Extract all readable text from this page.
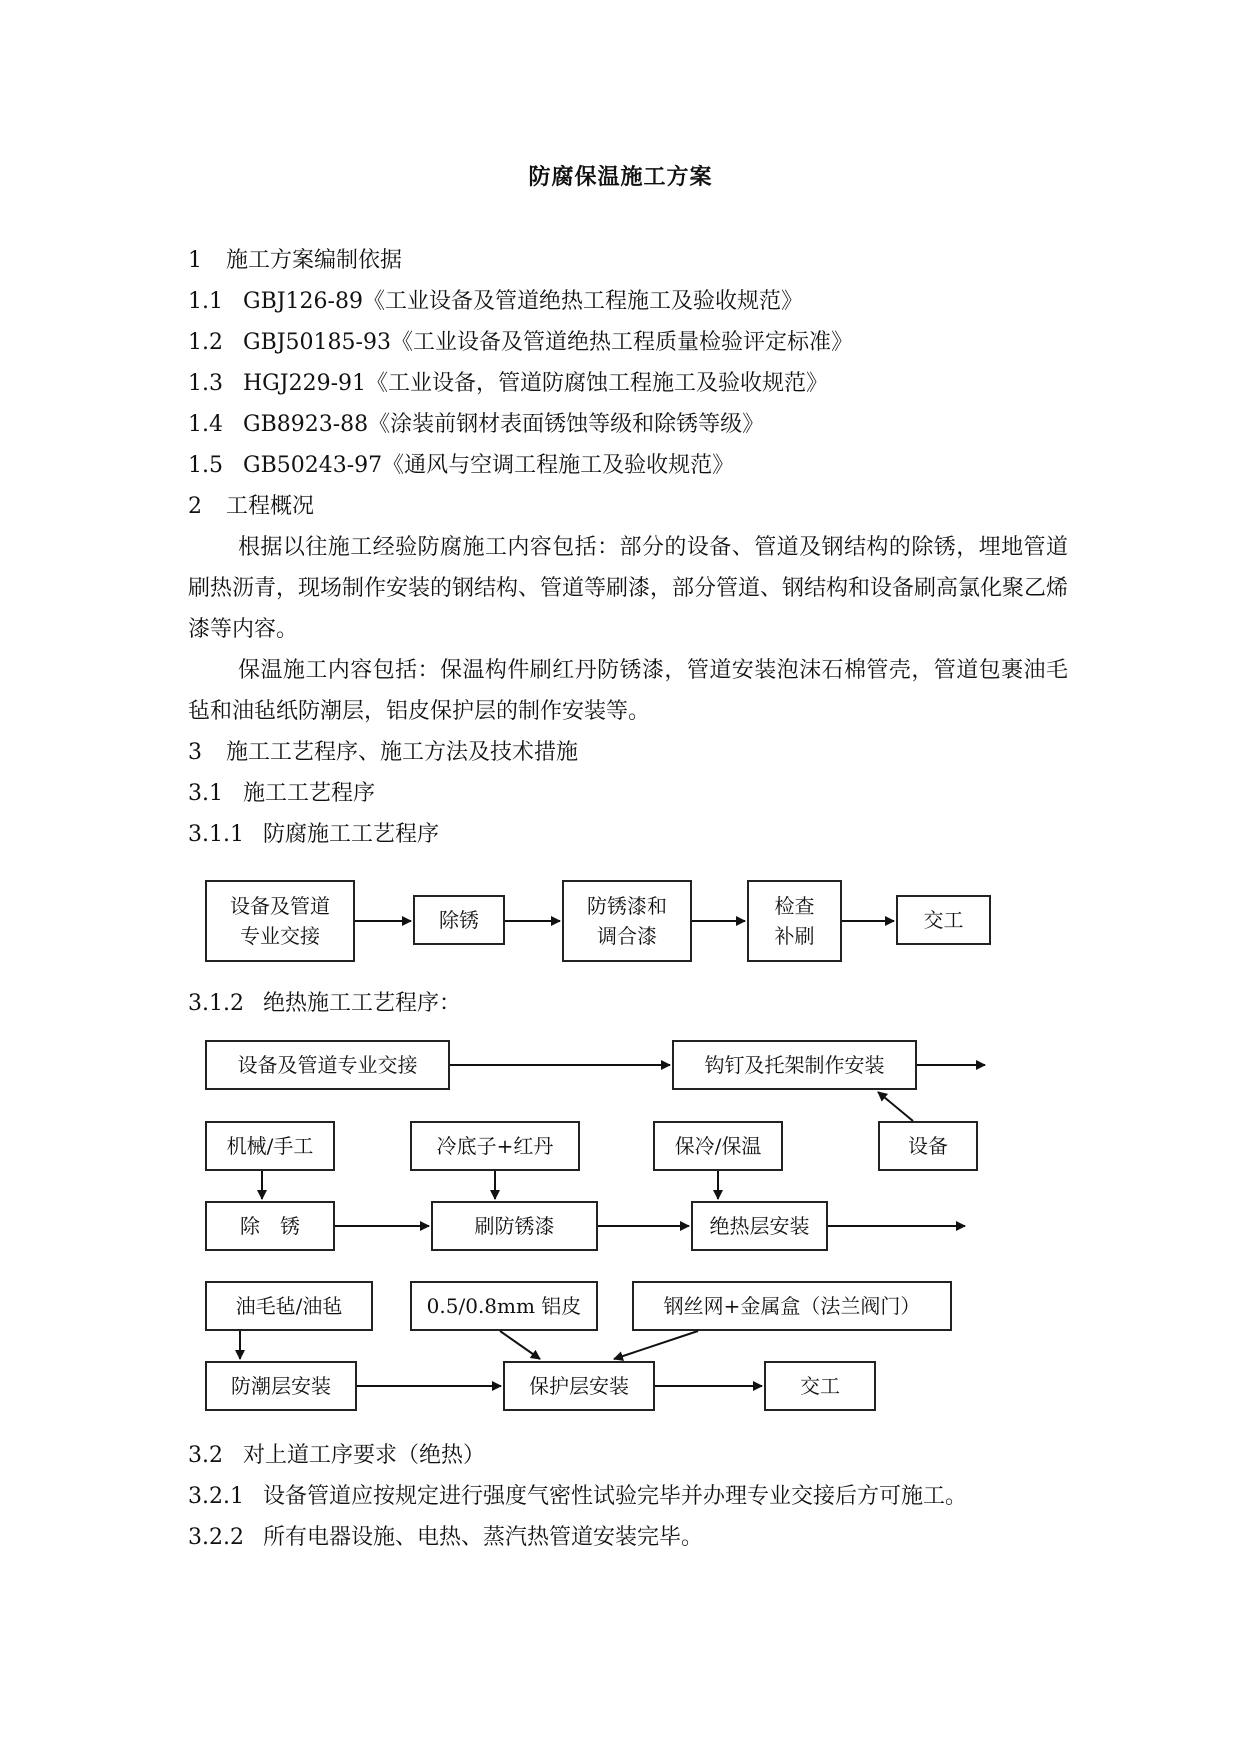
防腐保温施工方案
1 施工方案编制依据
1.1 GBJ126-89《工业设备及管道绝热工程施工及验收规范》
1.2 GBJ50185-93《工业设备及管道绝热工程质量检验评定标准》
1.3 HGJ229-91《工业设备，管道防腐蚀工程施工及验收规范》
1.4 GB8923-88《涂装前钢材表面锈蚀等级和除锈等级》
1.5 GB50243-97《通风与空调工程施工及验收规范》
2 工程概况
根据以往施工经验防腐施工内容包括：部分的设备、管道及钢结构的除锈，埋地管道刷热沥青，现场制作安装的钢结构、管道等刷漆，部分管道、钢结构和设备刷高氯化聚乙烯漆等内容。
保温施工内容包括：保温构件刷红丹防锈漆，管道安装泡沫石棉管壳，管道包裹油毛毡和油毡纸防潮层，铝皮保护层的制作安装等。
3 施工工艺程序、施工方法及技术措施
3.1 施工工艺程序
3.1.1 防腐施工工艺程序
设备及管道
专业交接
除锈
防锈漆和
调合漆
检查
补刷
交工
3.1.2 绝热施工工艺程序：
设备及管道专业交接	钩钉及托架制作安装
设备
机械/手工	冷底子+红丹	保冷/保温
除　锈	刷防锈漆	绝热层安装
油毛毡/油毡	0.5/0.8mm 铝皮	钢丝网+金属盒（法兰阀门）
防潮层安装	保护层安装	交工
3.2 对上道工序要求（绝热）
3.2.1 设备管道应按规定进行强度气密性试验完毕并办理专业交接后方可施工。
3.2.2 所有电器设施、电热、蒸汽热管道安装完毕。
